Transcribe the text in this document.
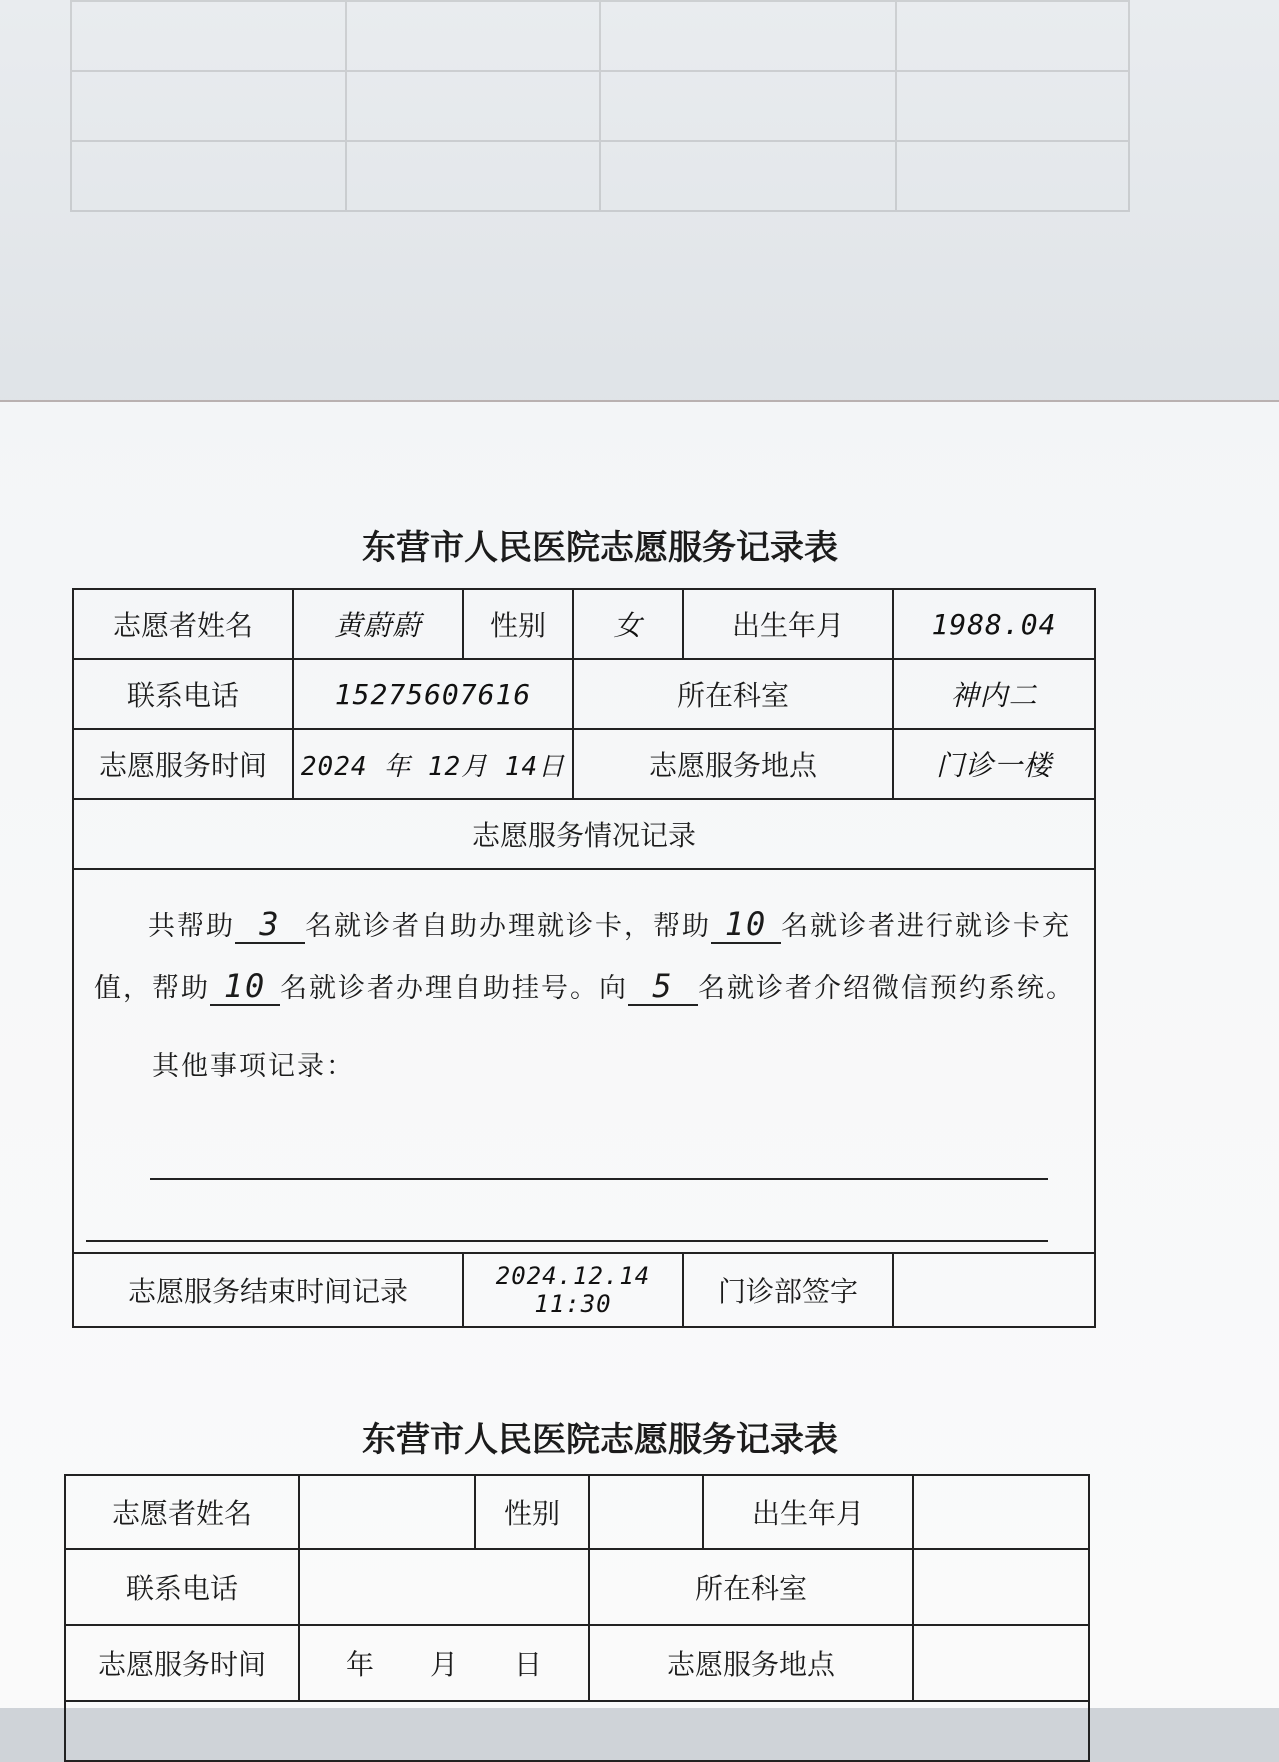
东营市人民医院志愿服务记录表
志愿者姓名	黄蔚蔚	性别	女	出生年月	1988.04
联系电话	15275607616		所在科室		神内二
志愿服务时间	2024 年 12月 14日		志愿服务地点		门诊一楼
志愿服务情况记录					

共帮助 3 名就诊者自助办理就诊卡，帮助 10 名就诊者进行就诊卡充值，帮助 10 名就诊者办理自助挂号。向 5 名就诊者介绍微信预约系统。
其他事项记录：					

志愿服务结束时间记录		2024.12.14 11:30		门诊部签字	
东营市人民医院志愿服务记录表
志愿者姓名		性别		出生年月	
联系电话			所在科室		
志愿服务时间	年　　月　　日		志愿服务地点		
